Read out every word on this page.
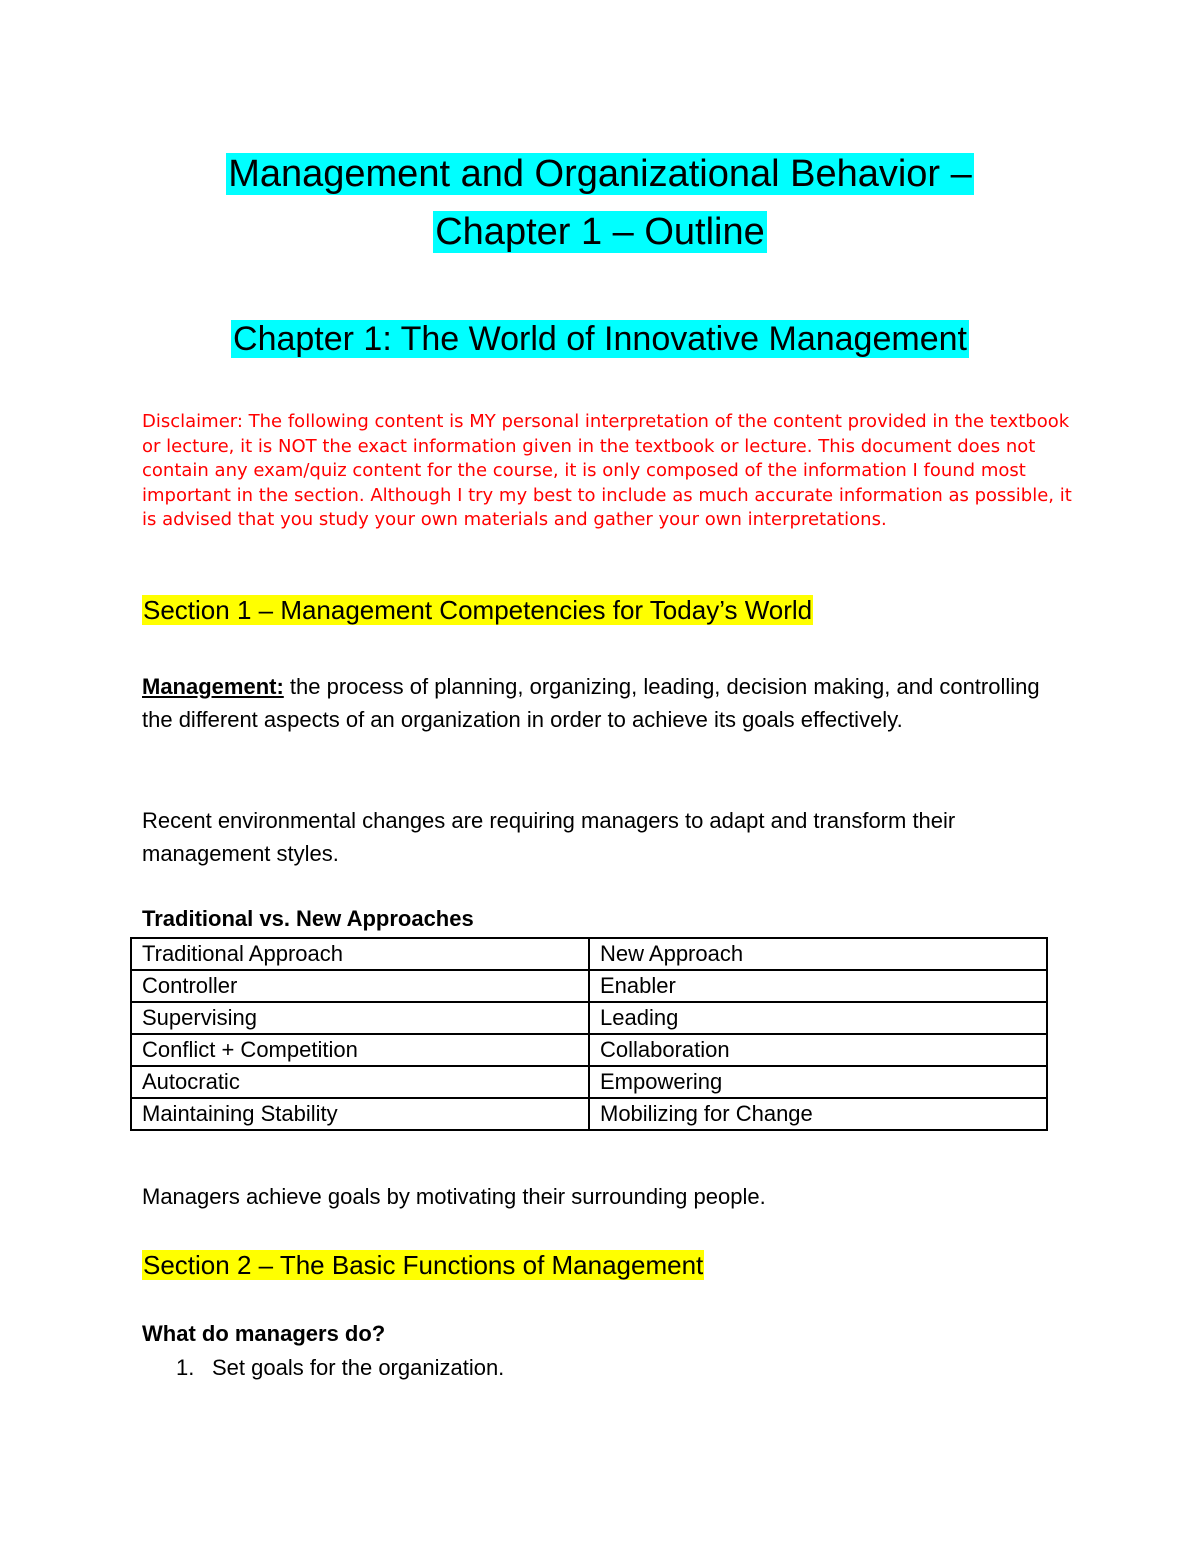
Management and Organizational Behavior –
Chapter 1 – Outline
Chapter 1: The World of Innovative Management
Disclaimer: The following content is MY personal interpretation of the content provided in the textbook or lecture, it is NOT the exact information given in the textbook or lecture. This document does not contain any exam/quiz content for the course, it is only composed of the information I found most important in the section. Although I try my best to include as much accurate information as possible, it is advised that you study your own materials and gather your own interpretations.
Section 1 – Management Competencies for Today’s World
Management: the process of planning, organizing, leading, decision making, and controlling the different aspects of an organization in order to achieve its goals effectively.
Recent environmental changes are requiring managers to adapt and transform their management styles.
Traditional vs. New Approaches
Traditional Approach	New Approach
Controller	Enabler
Supervising	Leading
Conflict + Competition	Collaboration
Autocratic	Empowering
Maintaining Stability	Mobilizing for Change
Managers achieve goals by motivating their surrounding people.
Section 2 – The Basic Functions of Management
What do managers do?
1. Set goals for the organization.
